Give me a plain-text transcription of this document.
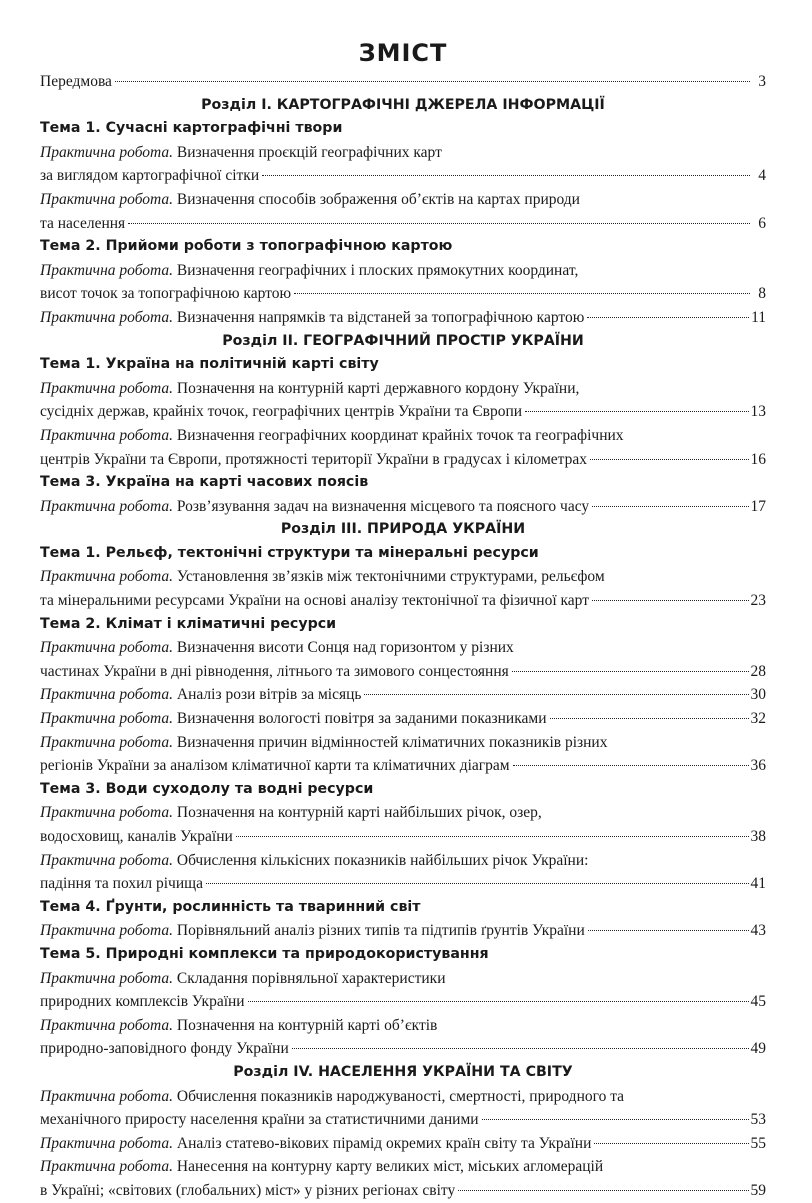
ЗМІСТ
Передмова	3
Розділ І. КАРТОГРАФІЧНІ ДЖЕРЕЛА ІНФОРМАЦІЇ
Тема 1. Сучасні картографічні твори
Практична робота. Визначення проєкцій географічних карт
за виглядом картографічної сітки	4
Практична робота. Визначення способів зображення об’єктів на картах природи
та населення	6
Тема 2. Прийоми роботи з топографічною картою
Практична робота. Визначення географічних і плоских прямокутних координат,
висот точок за топографічною картою	8
Практична робота. Визначення напрямків та відстаней за топографічною картою	11
Розділ ІІ. ГЕОГРАФІЧНИЙ ПРОСТІР УКРАЇНИ
Тема 1. Україна на політичній карті світу
Практична робота. Позначення на контурній карті державного кордону України,
сусідніх держав, крайніх точок, географічних центрів України та Європи	13
Практична робота. Визначення географічних координат крайніх точок та географічних
центрів України та Європи, протяжності території України в градусах і кілометрах	16
Тема 3. Україна на карті часових поясів
Практична робота. Розв’язування задач на визначення місцевого та поясного часу	17
Розділ ІІІ. ПРИРОДА УКРАЇНИ
Тема 1. Рельєф, тектонічні структури та мінеральні ресурси
Практична робота. Установлення зв’язків між тектонічними структурами, рельєфом
та мінеральними ресурсами України на основі аналізу тектонічної та фізичної карт	23
Тема 2. Клімат і кліматичні ресурси
Практична робота. Визначення висоти Сонця над горизонтом у різних
частинах України в дні рівнодення, літнього та зимового сонцестояння	28
Практична робота. Аналіз рози вітрів за місяць	30
Практична робота. Визначення вологості повітря за заданими показниками	32
Практична робота. Визначення причин відмінностей кліматичних показників різних
регіонів України за аналізом кліматичної карти та кліматичних діаграм	36
Тема 3. Води суходолу та водні ресурси
Практична робота. Позначення на контурній карті найбільших річок, озер,
водосховищ, каналів України	38
Практична робота. Обчислення кількісних показників найбільших річок України:
падіння та похил річища	41
Тема 4. Ґрунти, рослинність та тваринний світ
Практична робота. Порівняльний аналіз різних типів та підтипів ґрунтів України	43
Тема 5. Природні комплекси та природокористування
Практична робота. Складання порівняльної характеристики
природних комплексів України	45
Практична робота. Позначення на контурній карті об’єктів
природно-заповідного фонду України	49
Розділ IV. НАСЕЛЕННЯ УКРАЇНИ ТА СВІТУ
Практична робота. Обчислення показників народжуваності, смертності, природного та
механічного приросту населення країни за статистичними даними	53
Практична робота. Аналіз статево-вікових пірамід окремих країн світу та України	55
Практична робота. Нанесення на контурну карту великих міст, міських агломерацій
в Україні; «світових (глобальних) міст» у різних регіонах світу	59
